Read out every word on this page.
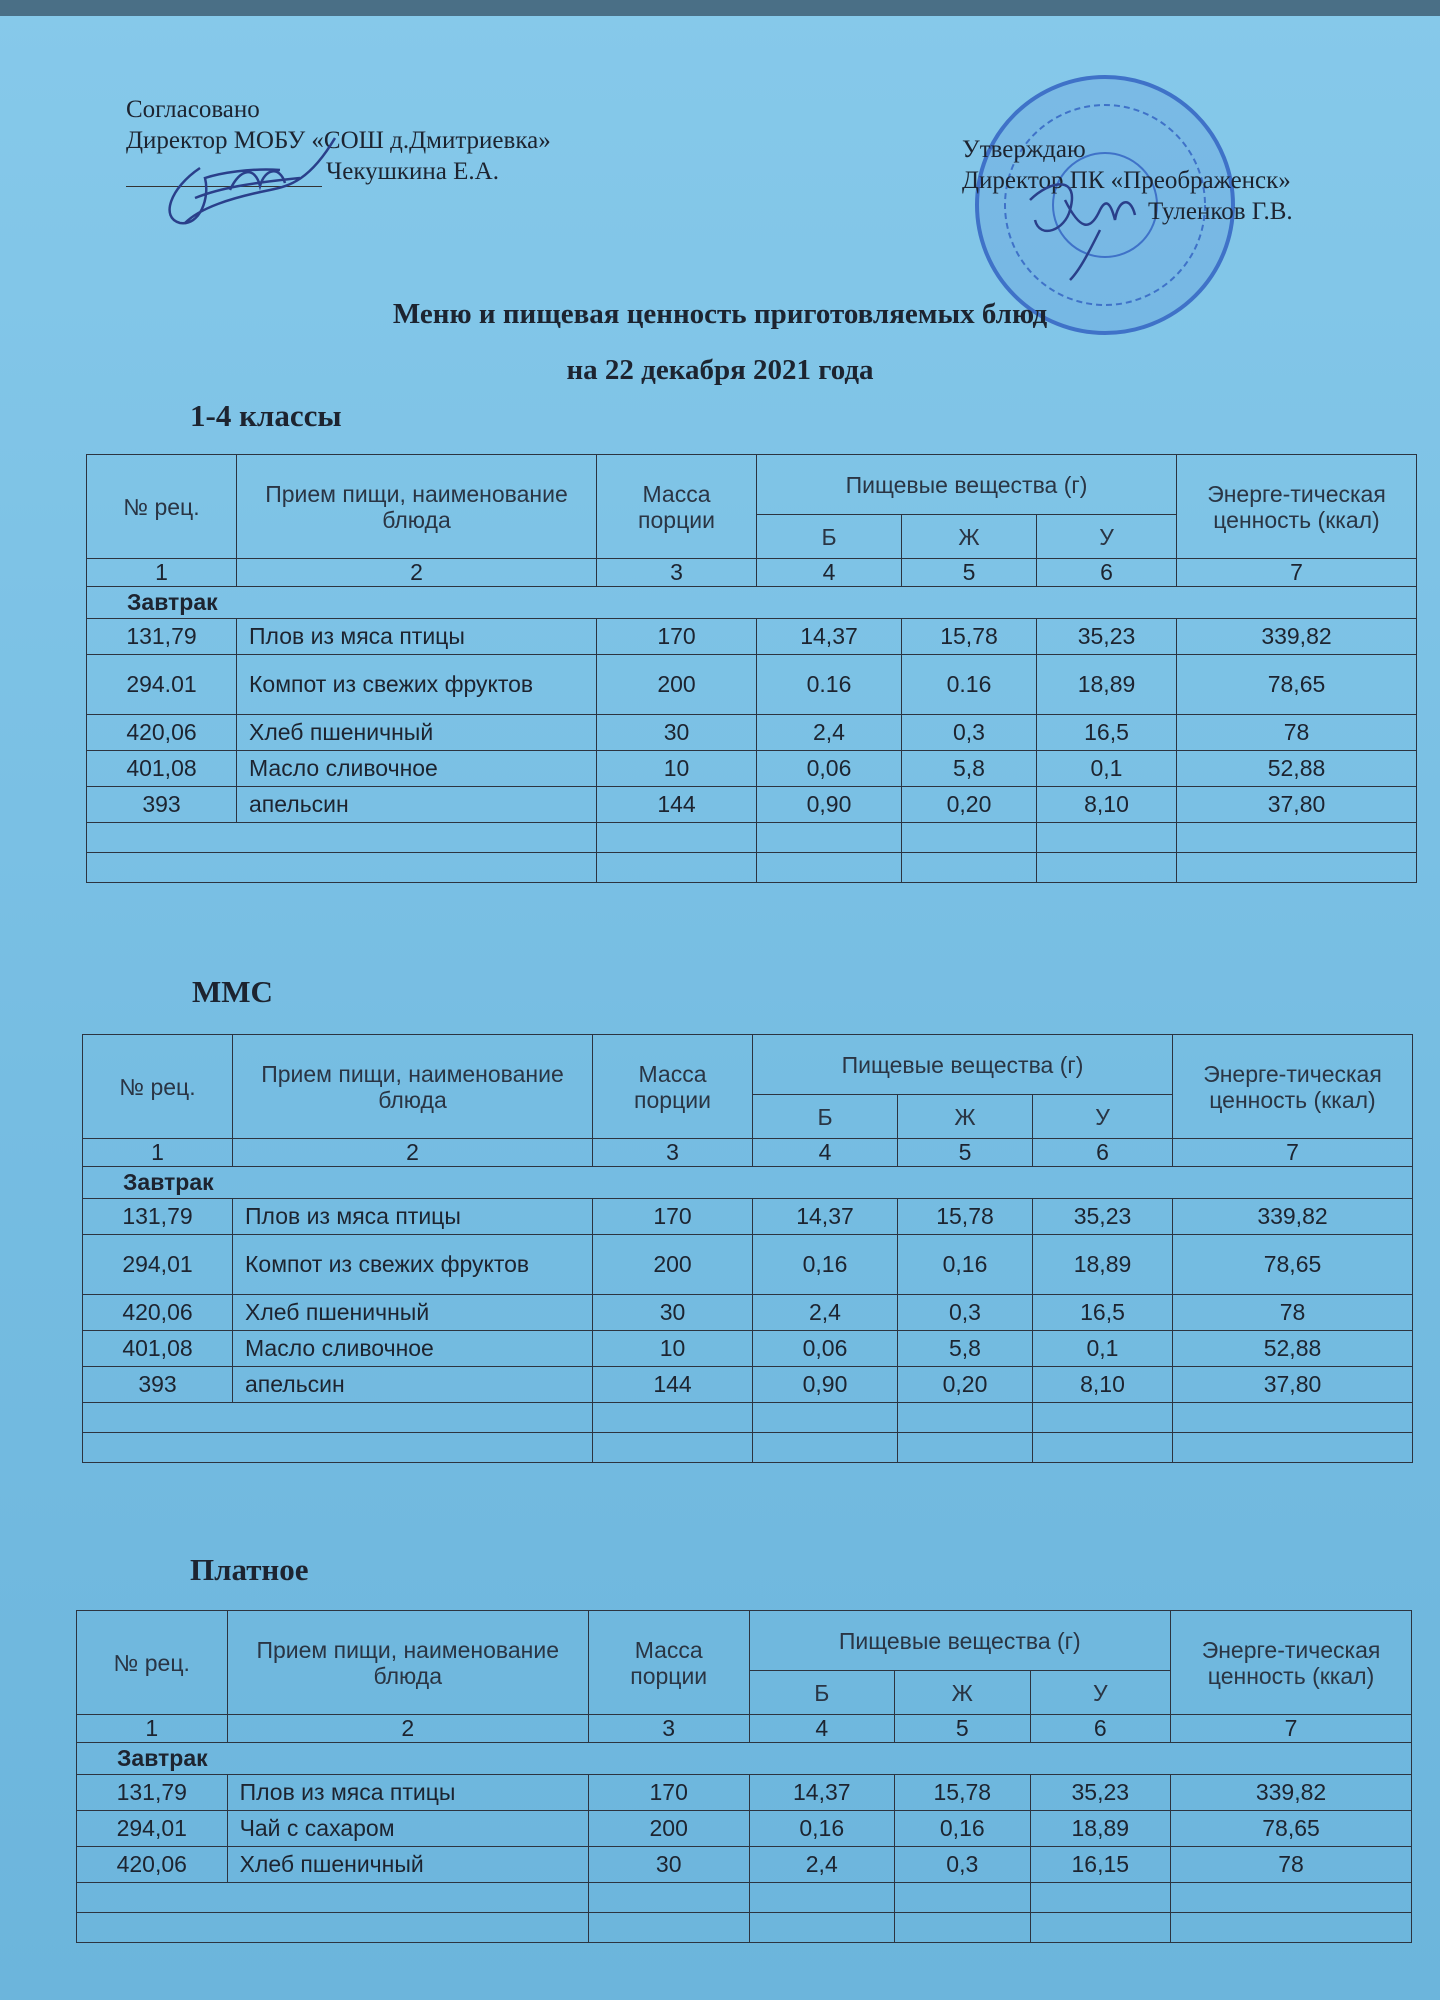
Согласовано
Директор МОБУ «СОШ д.Дмитриевка»
Чекушкина Е.А.
Утверждаю
Директор ПК «Преображенск»
Туленков Г.В.
Меню и пищевая ценность приготовляемых блюд
на 22 декабря 2021 года
1-4 классы
ММС
Платное
№ рец.	Прием пищи, наименование блюда	Масса порции	Пищевые вещества (г)			Энерге-тическая ценность (ккал)
			Б	Ж	У	
1	2	3	4	5	6	7
Завтрак						
131,79	Плов из мяса птицы	170	14,37	15,78	35,23	339,82
294.01	Компот из свежих фруктов	200	0.16	0.16	18,89	78,65
420,06	Хлеб пшеничный	30	2,4	0,3	16,5	78
401,08	Масло сливочное	10	0,06	5,8	0,1	52,88
393	апельсин	144	0,90	0,20	8,10	37,80

№ рец.	Прием пищи, наименование блюда	Масса порции	Пищевые вещества (г)			Энерге-тическая ценность (ккал)
			Б	Ж	У	
1	2	3	4	5	6	7
Завтрак						
131,79	Плов из мяса птицы	170	14,37	15,78	35,23	339,82
294,01	Компот из свежих фруктов	200	0,16	0,16	18,89	78,65
420,06	Хлеб пшеничный	30	2,4	0,3	16,5	78
401,08	Масло сливочное	10	0,06	5,8	0,1	52,88
393	апельсин	144	0,90	0,20	8,10	37,80

№ рец.	Прием пищи, наименование блюда	Масса порции	Пищевые вещества (г)			Энерге-тическая ценность (ккал)
			Б	Ж	У	
1	2	3	4	5	6	7
Завтрак						
131,79	Плов из мяса птицы	170	14,37	15,78	35,23	339,82
294,01	Чай с сахаром	200	0,16	0,16	18,89	78,65
420,06	Хлеб пшеничный	30	2,4	0,3	16,15	78
